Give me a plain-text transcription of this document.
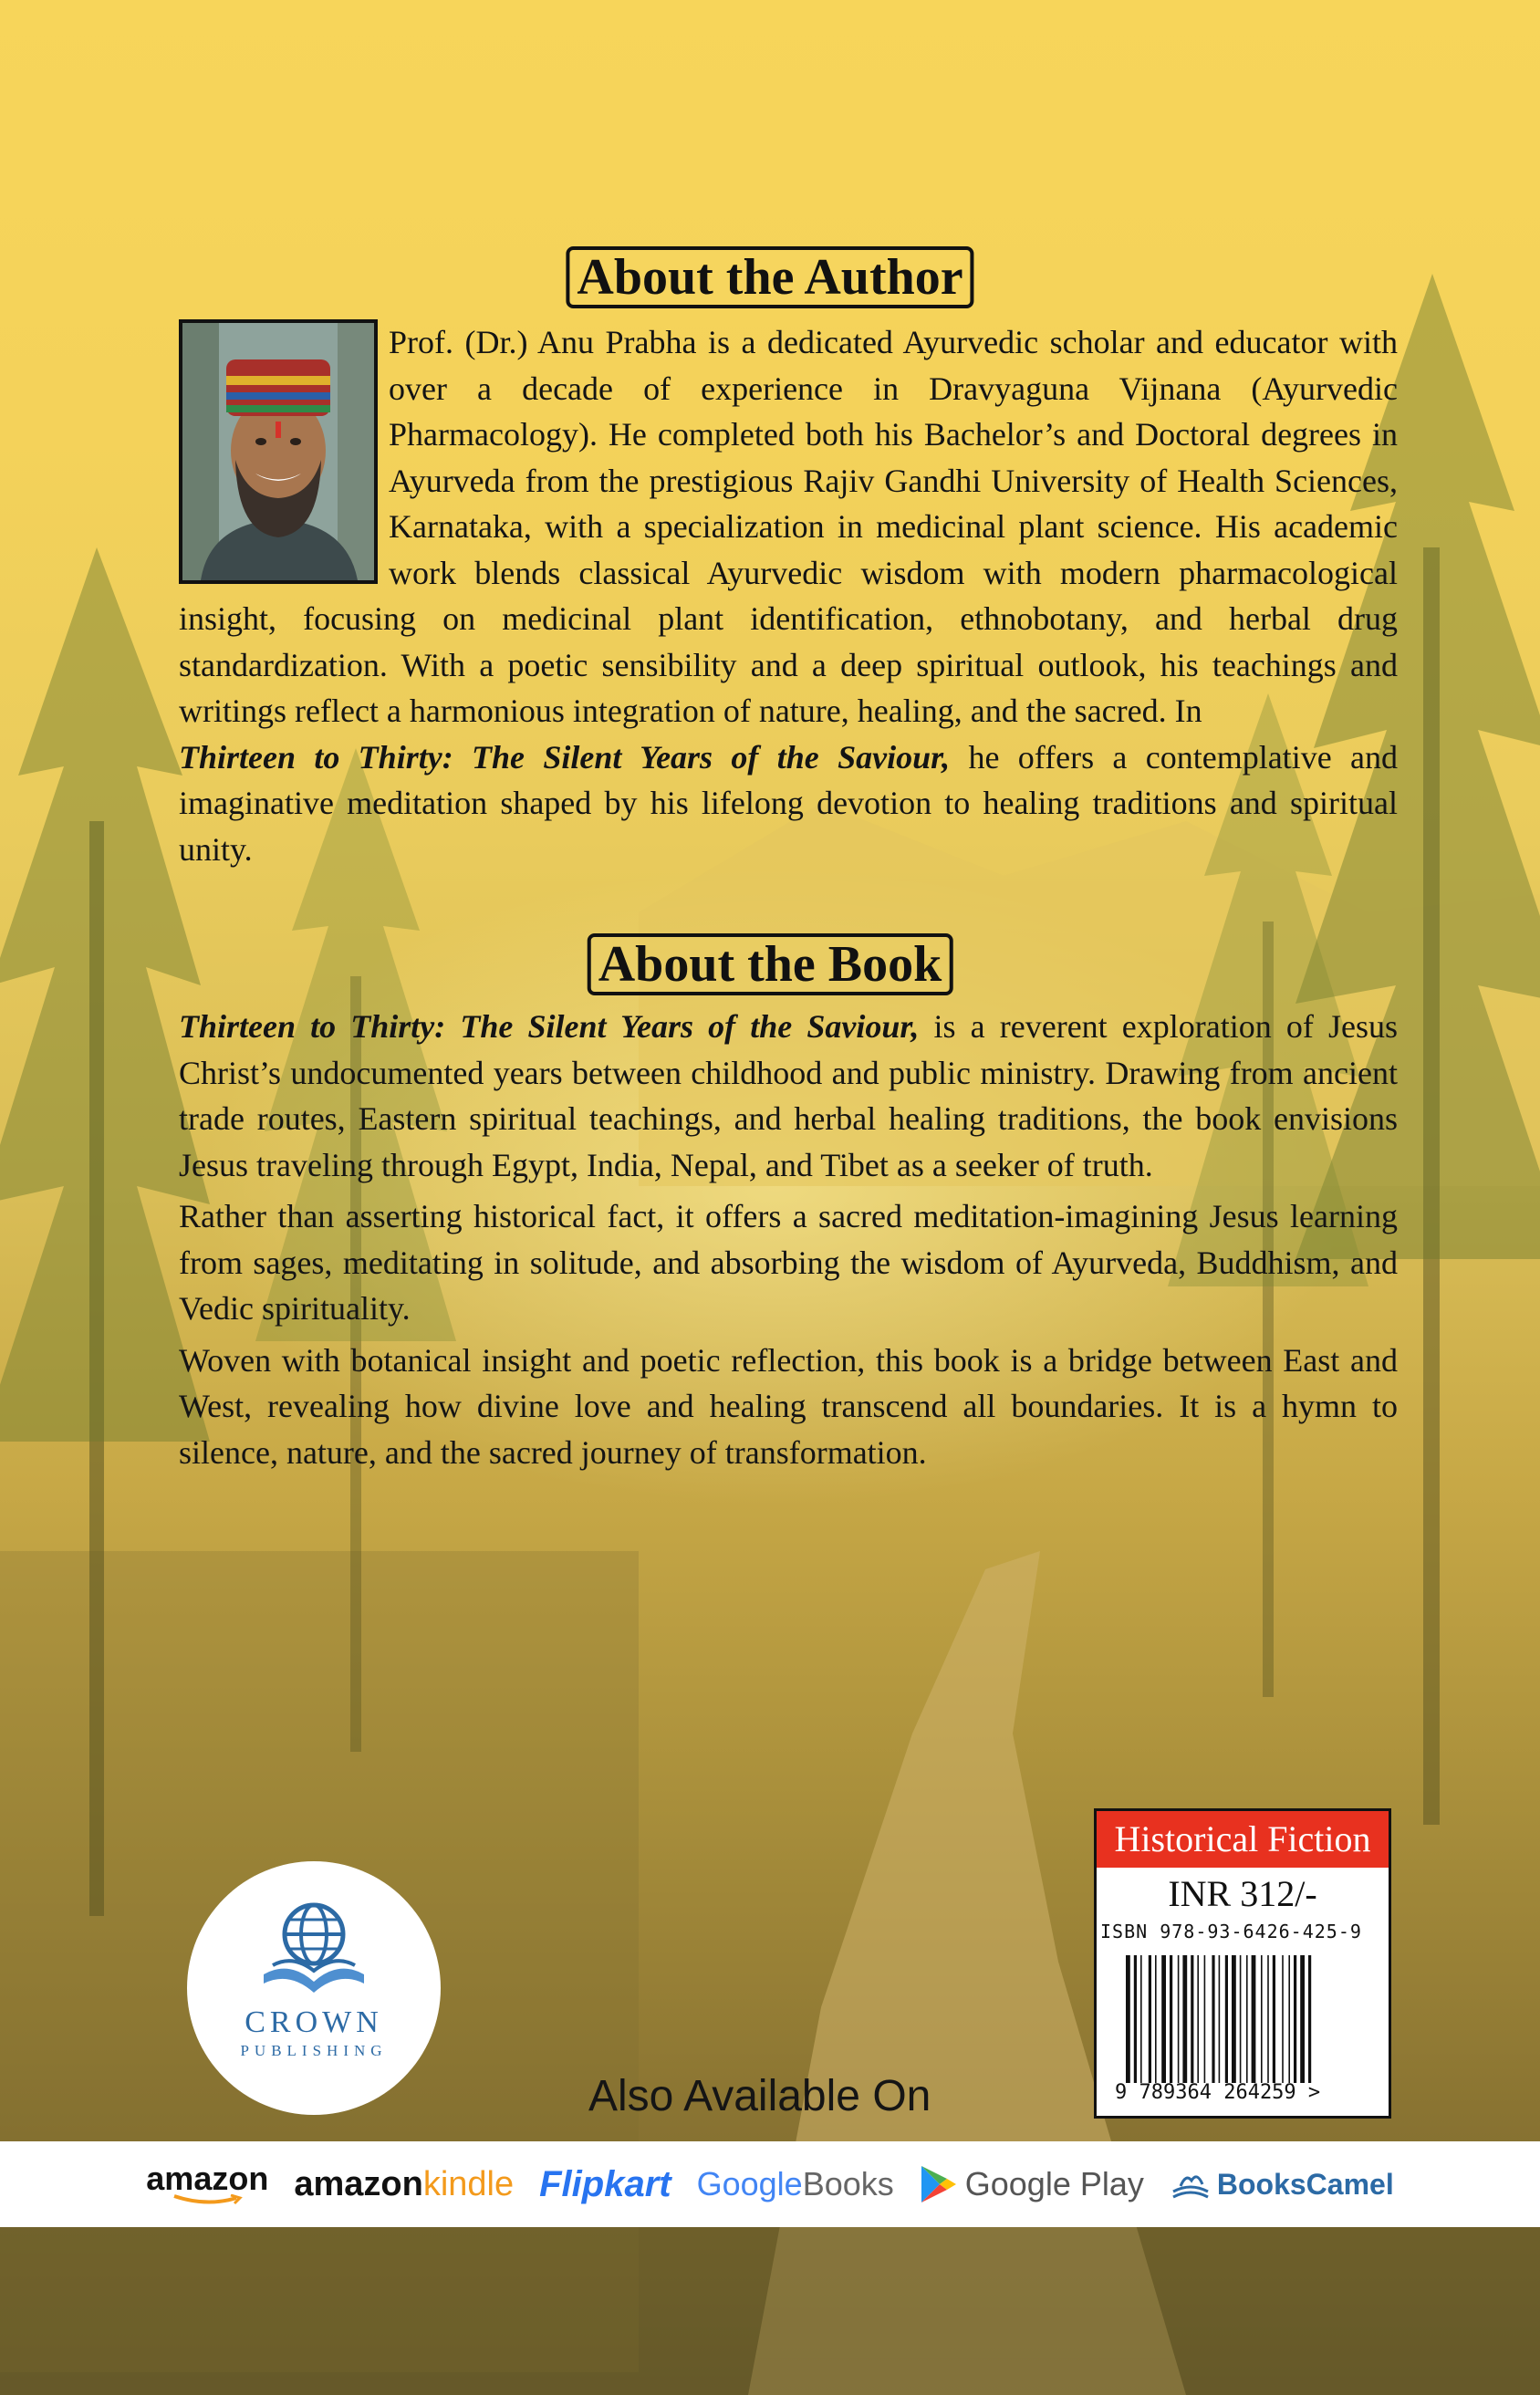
About the Author
Prof. (Dr.) Anu Prabha is a dedicated Ayurvedic scholar and educator with over a decade of experience in Dravyaguna Vijnana (Ayurvedic Pharmacology). He completed both his Bachelor’s and Doctoral degrees in Ayurveda from the prestigious Rajiv Gandhi University of Health Sciences, Karnataka, with a specialization in medicinal plant science. His academic work blends classical Ayurvedic wisdom with modern pharmacological insight, focusing on medicinal plant identification, ethnobotany, and herbal drug standardization. With a poetic sensibility and a deep spiritual outlook, his teachings and writings reflect a harmonious integration of nature, healing, and the sacred. In
Thirteen to Thirty: The Silent Years of the Saviour, he offers a contemplative and imaginative meditation shaped by his lifelong devotion to healing traditions and spiritual unity.
About the Book

Thirteen to Thirty: The Silent Years of the Saviour, is a reverent exploration of Jesus Christ’s undocumented years between childhood and public ministry. Drawing from ancient trade routes, Eastern spiritual teachings, and herbal healing traditions, the book envisions Jesus traveling through Egypt, India, Nepal, and Tibet as a seeker of truth.

Rather than asserting historical fact, it offers a sacred meditation-imagining Jesus learning from sages, meditating in solitude, and absorbing the wisdom of Ayurveda, Buddhism, and Vedic spirituality.

Woven with botanical insight and poetic reflection, this book is a bridge between East and West, revealing how divine love and healing transcend all boundaries. It is a hymn to silence, nature, and the sacred journey of transformation.

CROWN
PUBLISHING
Historical Fiction
INR 312/-
ISBN 978-93-6426-425-9
9 789364 264259 >
Also Available On
amazon amazon kindle Flipkart Google Books Google Play	BooksCamel
